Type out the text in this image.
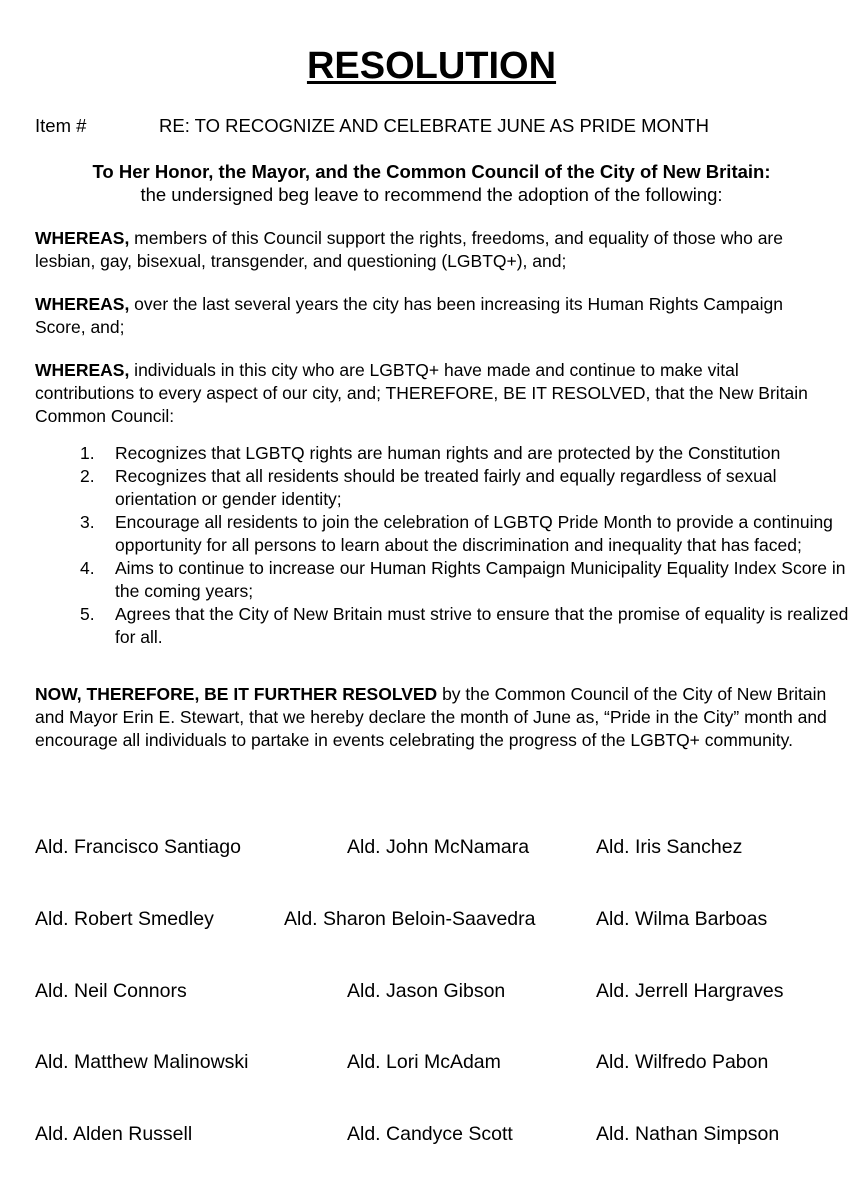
RESOLUTION
Item #	RE: TO RECOGNIZE AND CELEBRATE JUNE AS PRIDE MONTH
To Her Honor, the Mayor, and the Common Council of the City of New Britain:
the undersigned beg leave to recommend the adoption of the following:
WHEREAS, members of this Council support the rights, freedoms, and equality of those who are lesbian, gay, bisexual, transgender, and questioning (LGBTQ+), and;
WHEREAS, over the last several years the city has been increasing its Human Rights Campaign Score, and;
WHEREAS, individuals in this city who are LGBTQ+ have made and continue to make vital contributions to every aspect of our city, and; THEREFORE, BE IT RESOLVED, that the New Britain Common Council:
1. Recognizes that LGBTQ rights are human rights and are protected by the Constitution
2. Recognizes that all residents should be treated fairly and equally regardless of sexual orientation or gender identity;
3. Encourage all residents to join the celebration of LGBTQ Pride Month to provide a continuing opportunity for all persons to learn about the discrimination and inequality that has faced;
4. Aims to continue to increase our Human Rights Campaign Municipality Equality Index Score in the coming years;
5. Agrees that the City of New Britain must strive to ensure that the promise of equality is realized for all.
NOW, THEREFORE, BE IT FURTHER RESOLVED by the Common Council of the City of New Britain and Mayor Erin E. Stewart, that we hereby declare the month of June as, “Pride in the City” month and encourage all individuals to partake in events celebrating the progress of the LGBTQ+ community.
Ald. Francisco Santiago	Ald. John McNamara	Ald. Iris Sanchez
Ald. Robert Smedley	Ald. Sharon Beloin-Saavedra	Ald. Wilma Barboas
Ald. Neil Connors	Ald. Jason Gibson	Ald. Jerrell Hargraves
Ald. Matthew Malinowski	Ald. Lori McAdam	Ald. Wilfredo Pabon
Ald. Alden Russell	Ald. Candyce Scott	Ald. Nathan Simpson
